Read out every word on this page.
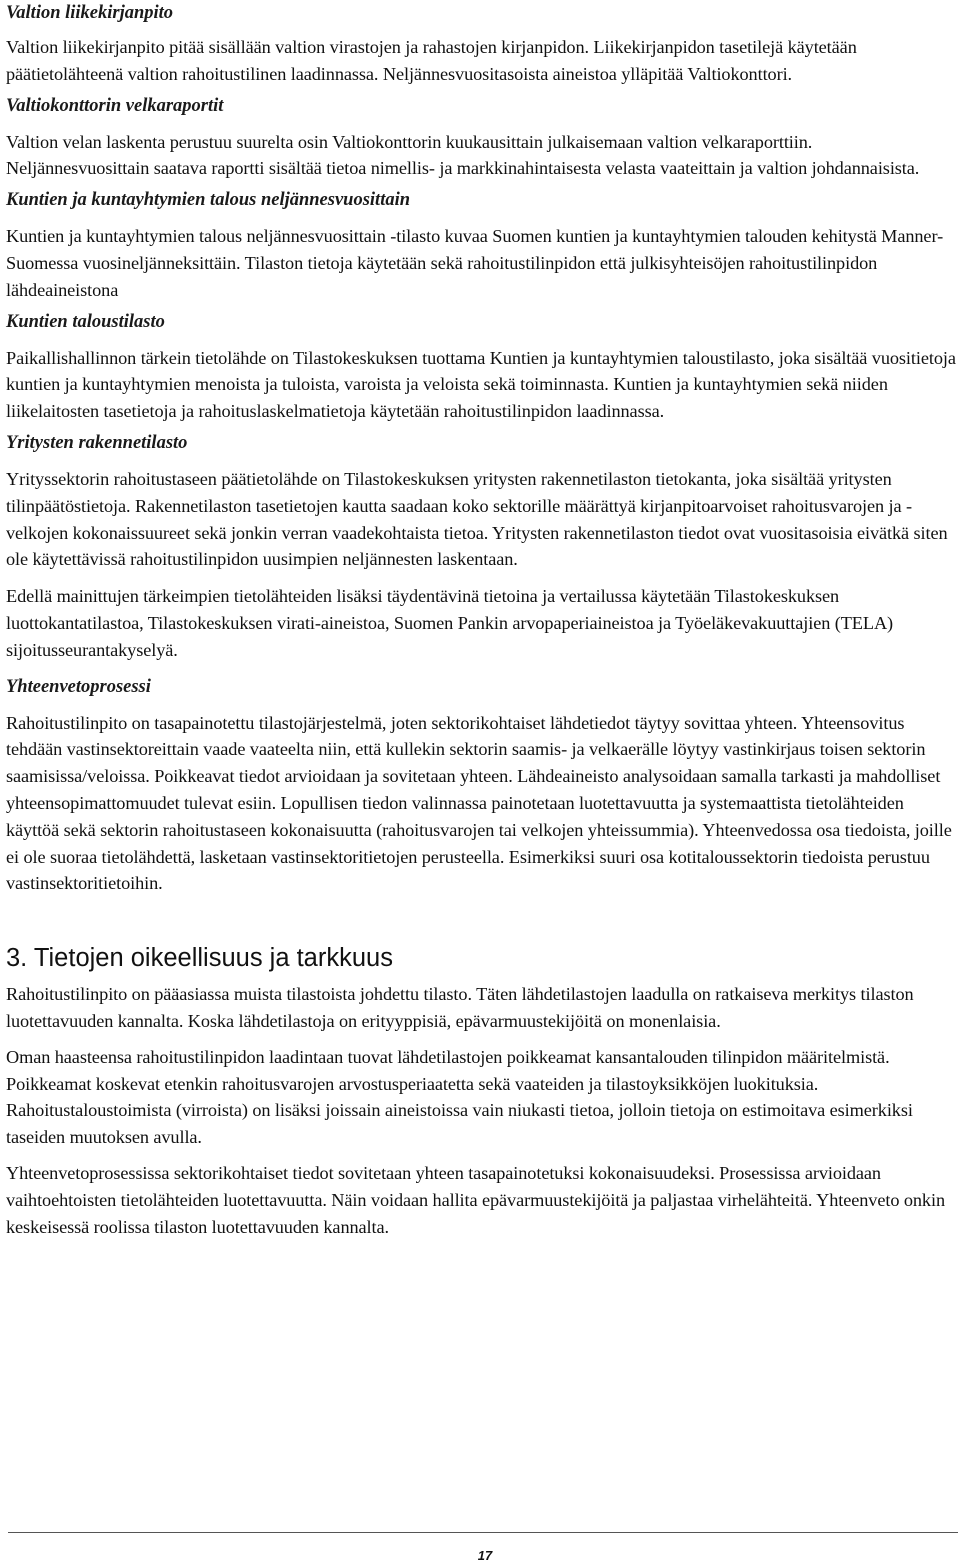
Valtion liikekirjanpito

Valtion liikekirjanpito pitää sisällään valtion virastojen ja rahastojen kirjanpidon. Liikekirjanpidon tasetilejä käytetään päätietolähteenä valtion rahoitustilinen laadinnassa. Neljännesvuositasoista aineistoa ylläpitää Valtiokonttori.

Valtiokonttorin velkaraportit

Valtion velan laskenta perustuu suurelta osin Valtiokonttorin kuukausittain julkaisemaan valtion velkaraporttiin. Neljännesvuosittain saatava raportti sisältää tietoa nimellis- ja markkinahintaisesta velasta vaateittain ja valtion johdannaisista.

Kuntien ja kuntayhtymien talous neljännesvuosittain

Kuntien ja kuntayhtymien talous neljännesvuosittain -tilasto kuvaa Suomen kuntien ja kuntayhtymien talouden kehitystä Manner-Suomessa vuosineljänneksittäin. Tilaston tietoja käytetään sekä rahoitustilinpidon että julkisyhteisöjen rahoitustilinpidon lähdeaineistona

Kuntien taloustilasto

Paikallishallinnon tärkein tietolähde on Tilastokeskuksen tuottama Kuntien ja kuntayhtymien taloustilasto, joka sisältää vuositietoja kuntien ja kuntayhtymien menoista ja tuloista, varoista ja veloista sekä toiminnasta. Kuntien ja kuntayhtymien sekä niiden liikelaitosten tasetietoja ja rahoituslaskelmatietoja käytetään rahoitustilinpidon laadinnassa.

Yritysten rakennetilasto

Yrityssektorin rahoitustaseen päätietolähde on Tilastokeskuksen yritysten rakennetilaston tietokanta, joka sisältää yritysten tilinpäätöstietoja. Rakennetilaston tasetietojen kautta saadaan koko sektorille määrättyä kirjanpitoarvoiset rahoitusvarojen ja -velkojen kokonaissuureet sekä jonkin verran vaadekohtaista tietoa. Yritysten rakennetilaston tiedot ovat vuositasoisia eivätkä siten ole käytettävissä rahoitustilinpidon uusimpien neljännesten laskentaan.

Edellä mainittujen tärkeimpien tietolähteiden lisäksi täydentävinä tietoina ja vertailussa käytetään Tilastokeskuksen luottokantatilastoa, Tilastokeskuksen virati-aineistoa, Suomen Pankin arvopaperiaineistoa ja Työeläkevakuuttajien (TELA) sijoitusseurantakyselyä.

Yhteenvetoprosessi

Rahoitustilinpito on tasapainotettu tilastojärjestelmä, joten sektorikohtaiset lähdetiedot täytyy sovittaa yhteen. Yhteensovitus tehdään vastinsektoreittain vaade vaateelta niin, että kullekin sektorin saamis- ja velkaerälle löytyy vastinkirjaus toisen sektorin saamisissa/veloissa. Poikkeavat tiedot arvioidaan ja sovitetaan yhteen. Lähdeaineisto analysoidaan samalla tarkasti ja mahdolliset yhteensopimattomuudet tulevat esiin. Lopullisen tiedon valinnassa painotetaan luotettavuutta ja systemaattista tietolähteiden käyttöä sekä sektorin rahoitustaseen kokonaisuutta (rahoitusvarojen tai velkojen yhteissummia). Yhteenvedossa osa tiedoista, joille ei ole suoraa tietolähdettä, lasketaan vastinsektoritietojen perusteella. Esimerkiksi suuri osa kotitaloussektorin tiedoista perustuu vastinsektoritietoihin.

3. Tietojen oikeellisuus ja tarkkuus

Rahoitustilinpito on pääasiassa muista tilastoista johdettu tilasto. Täten lähdetilastojen laadulla on ratkaiseva merkitys tilaston luotettavuuden kannalta. Koska lähdetilastoja on erityyppisiä, epävarmuustekijöitä on monenlaisia.

Oman haasteensa rahoitustilinpidon laadintaan tuovat lähdetilastojen poikkeamat kansantalouden tilinpidon määritelmistä. Poikkeamat koskevat etenkin rahoitusvarojen arvostusperiaatetta sekä vaateiden ja tilastoyksikköjen luokituksia. Rahoitustaloustoimista (virroista) on lisäksi joissain aineistoissa vain niukasti tietoa, jolloin tietoja on estimoitava esimerkiksi taseiden muutoksen avulla.

Yhteenvetoprosessissa sektorikohtaiset tiedot sovitetaan yhteen tasapainotetuksi kokonaisuudeksi. Prosessissa arvioidaan vaihtoehtoisten tietolähteiden luotettavuutta. Näin voidaan hallita epävarmuustekijöitä ja paljastaa virhelähteitä. Yhteenveto onkin keskeisessä roolissa tilaston luotettavuuden kannalta.

17
